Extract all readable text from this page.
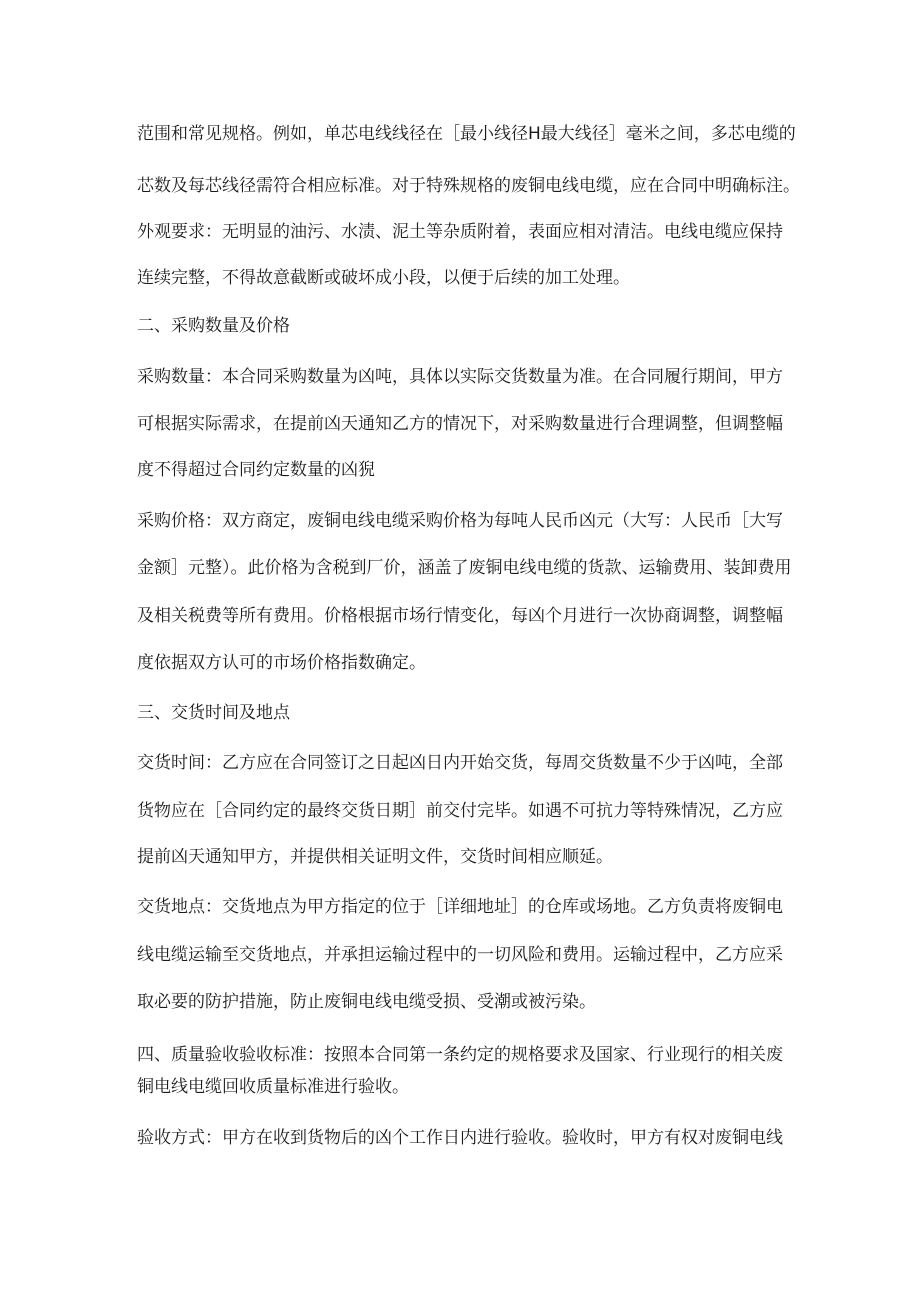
范围和常见规格。例如，单芯电线线径在［最小线径H最大线径］毫米之间，多芯电缆的
芯数及每芯线径需符合相应标准。对于特殊规格的废铜电线电缆，应在合同中明确标注。
外观要求：无明显的油污、水渍、泥土等杂质附着，表面应相对清洁。电线电缆应保持
连续完整，不得故意截断或破坏成小段，以便于后续的加工处理。
二、采购数量及价格
采购数量：本合同采购数量为凶吨，具体以实际交货数量为准。在合同履行期间，甲方
可根据实际需求，在提前凶天通知乙方的情况下，对采购数量进行合理调整，但调整幅
度不得超过合同约定数量的凶猊
采购价格：双方商定，废铜电线电缆采购价格为每吨人民币凶元（大写：人民币［大写
金额］元整）。此价格为含税到厂价，涵盖了废铜电线电缆的货款、运输费用、装卸费用
及相关税费等所有费用。价格根据市场行情变化，每凶个月进行一次协商调整，调整幅
度依据双方认可的市场价格指数确定。
三、交货时间及地点
交货时间：乙方应在合同签订之日起凶日内开始交货，每周交货数量不少于凶吨，全部
货物应在［合同约定的最终交货日期］前交付完毕。如遇不可抗力等特殊情况，乙方应
提前凶天通知甲方，并提供相关证明文件，交货时间相应顺延。
交货地点：交货地点为甲方指定的位于［详细地址］的仓库或场地。乙方负责将废铜电
线电缆运输至交货地点，并承担运输过程中的一切风险和费用。运输过程中，乙方应采
取必要的防护措施，防止废铜电线电缆受损、受潮或被污染。
四、质量验收验收标准：按照本合同第一条约定的规格要求及国家、行业现行的相关废
铜电线电缆回收质量标准进行验收。
验收方式：甲方在收到货物后的凶个工作日内进行验收。验收时，甲方有权对废铜电线
